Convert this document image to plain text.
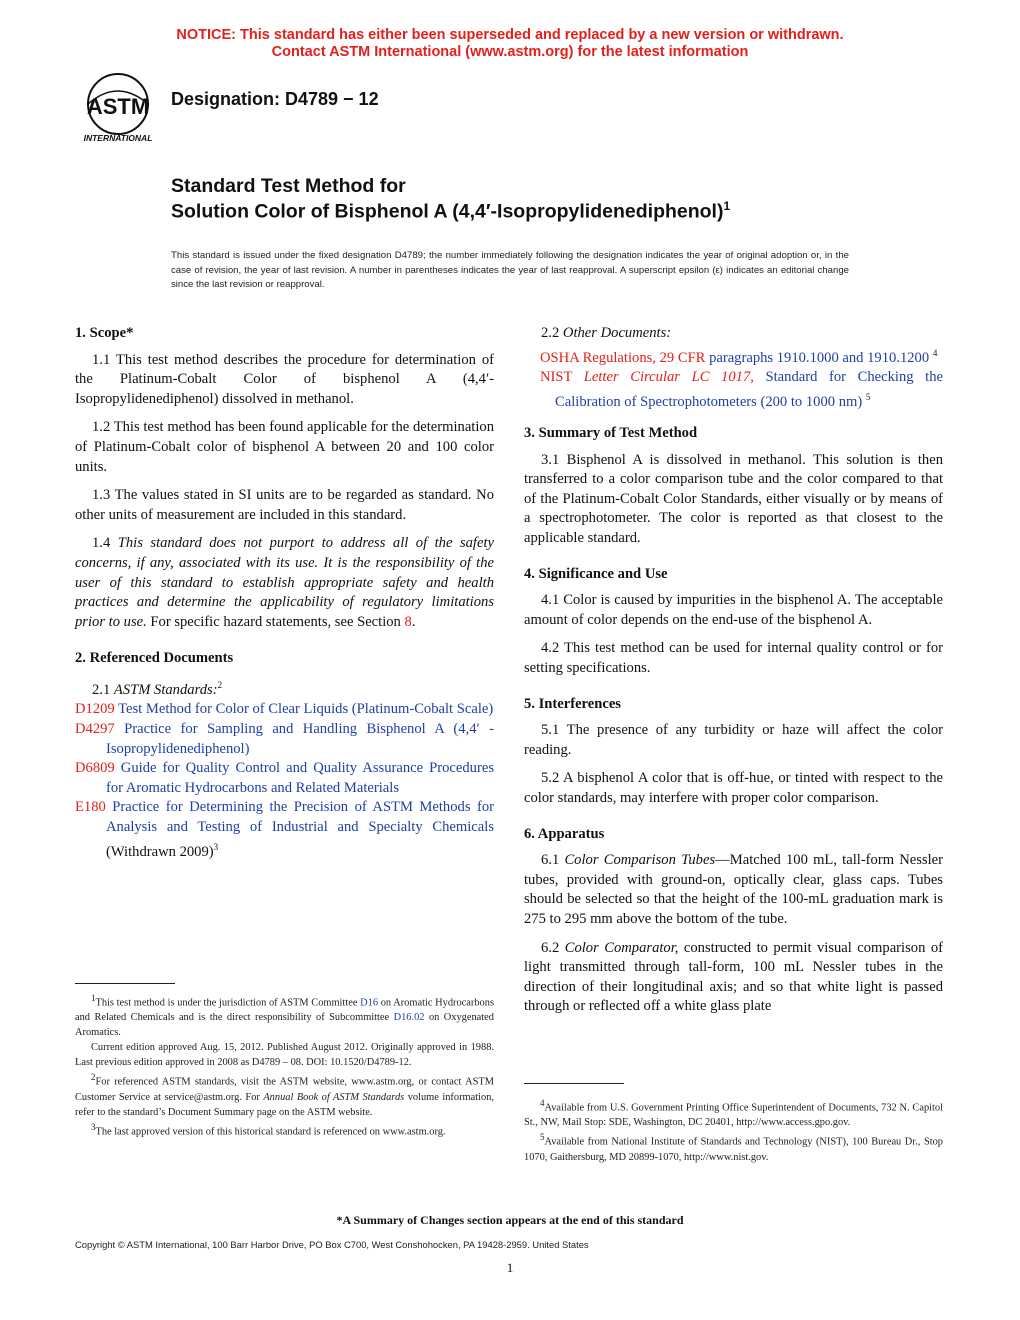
NOTICE: This standard has either been superseded and replaced by a new version or withdrawn.
Contact ASTM International (www.astm.org) for the latest information
ASTM
INTERNATIONAL
Designation: D4789 − 12
Standard Test Method for
Solution Color of Bisphenol A (4,4′-Isopropylidenediphenol)$^1$
This standard is issued under the fixed designation D4789; the number immediately following the designation indicates the year of original adoption or, in the case of revision, the year of last revision. A number in parentheses indicates the year of last reapproval. A superscript epsilon (ε) indicates an editorial change since the last revision or reapproval.
1. Scope*

1.1 This test method describes the procedure for determination of the Platinum-Cobalt Color of bisphenol A (4,4′-Isopropylidenediphenol) dissolved in methanol.

1.2 This test method has been found applicable for the determination of Platinum-Cobalt color of bisphenol A between 20 and 100 color units.

1.3 The values stated in SI units are to be regarded as standard. No other units of measurement are included in this standard.

1.4 This standard does not purport to address all of the safety concerns, if any, associated with its use. It is the responsibility of the user of this standard to establish appropriate safety and health practices and determine the applicability of regulatory limitations prior to use. For specific hazard statements, see Section 8.

2. Referenced Documents

2.1 ASTM Standards:$^2$

D1209 Test Method for Color of Clear Liquids (Platinum-Cobalt Scale)

D4297 Practice for Sampling and Handling Bisphenol A (4,4′ -Isopropylidenediphenol)

D6809 Guide for Quality Control and Quality Assurance Procedures for Aromatic Hydrocarbons and Related Materials

E180 Practice for Determining the Precision of ASTM Methods for Analysis and Testing of Industrial and Specialty Chemicals (Withdrawn 2009)$^3$

2.2 Other Documents:

OSHA Regulations, 29 CFR paragraphs 1910.1000 and 1910.1200 $^4$

NIST Letter Circular LC 1017, Standard for Checking the Calibration of Spectrophotometers (200 to 1000 nm) $^5$

3. Summary of Test Method

3.1 Bisphenol A is dissolved in methanol. This solution is then transferred to a color comparison tube and the color compared to that of the Platinum-Cobalt Color Standards, either visually or by means of a spectrophotometer. The color is reported as that closest to the applicable standard.

4. Significance and Use

4.1 Color is caused by impurities in the bisphenol A. The acceptable amount of color depends on the end-use of the bisphenol A.

4.2 This test method can be used for internal quality control or for setting specifications.

5. Interferences

5.1 The presence of any turbidity or haze will affect the color reading.

5.2 A bisphenol A color that is off-hue, or tinted with respect to the color standards, may interfere with proper color comparison.

6. Apparatus

6.1 Color Comparison Tubes—Matched 100 mL, tall-form Nessler tubes, provided with ground-on, optically clear, glass caps. Tubes should be selected so that the height of the 100-mL graduation mark is 275 to 295 mm above the bottom of the tube.

6.2 Color Comparator, constructed to permit visual comparison of light transmitted through tall-form, 100 mL Nessler tubes in the direction of their longitudinal axis; and so that white light is passed through or reflected off a white glass plate

$^1$This test method is under the jurisdiction of ASTM Committee D16 on Aromatic Hydrocarbons and Related Chemicals and is the direct responsibility of Subcommittee D16.02 on Oxygenated Aromatics.

Current edition approved Aug. 15, 2012. Published August 2012. Originally approved in 1988. Last previous edition approved in 2008 as D4789 – 08. DOI: 10.1520/D4789-12.

$^2$For referenced ASTM standards, visit the ASTM website, www.astm.org, or contact ASTM Customer Service at service@astm.org. For Annual Book of ASTM Standards volume information, refer to the standard’s Document Summary page on the ASTM website.

$^3$The last approved version of this historical standard is referenced on www.astm.org.

$^4$Available from U.S. Government Printing Office Superintendent of Documents, 732 N. Capitol St., NW, Mail Stop: SDE, Washington, DC 20401, http://www.access.gpo.gov.

$^5$Available from National Institute of Standards and Technology (NIST), 100 Bureau Dr., Stop 1070, Gaithersburg, MD 20899-1070, http://www.nist.gov.

*A Summary of Changes section appears at the end of this standard
Copyright © ASTM International, 100 Barr Harbor Drive, PO Box C700, West Conshohocken, PA 19428-2959. United States
1
